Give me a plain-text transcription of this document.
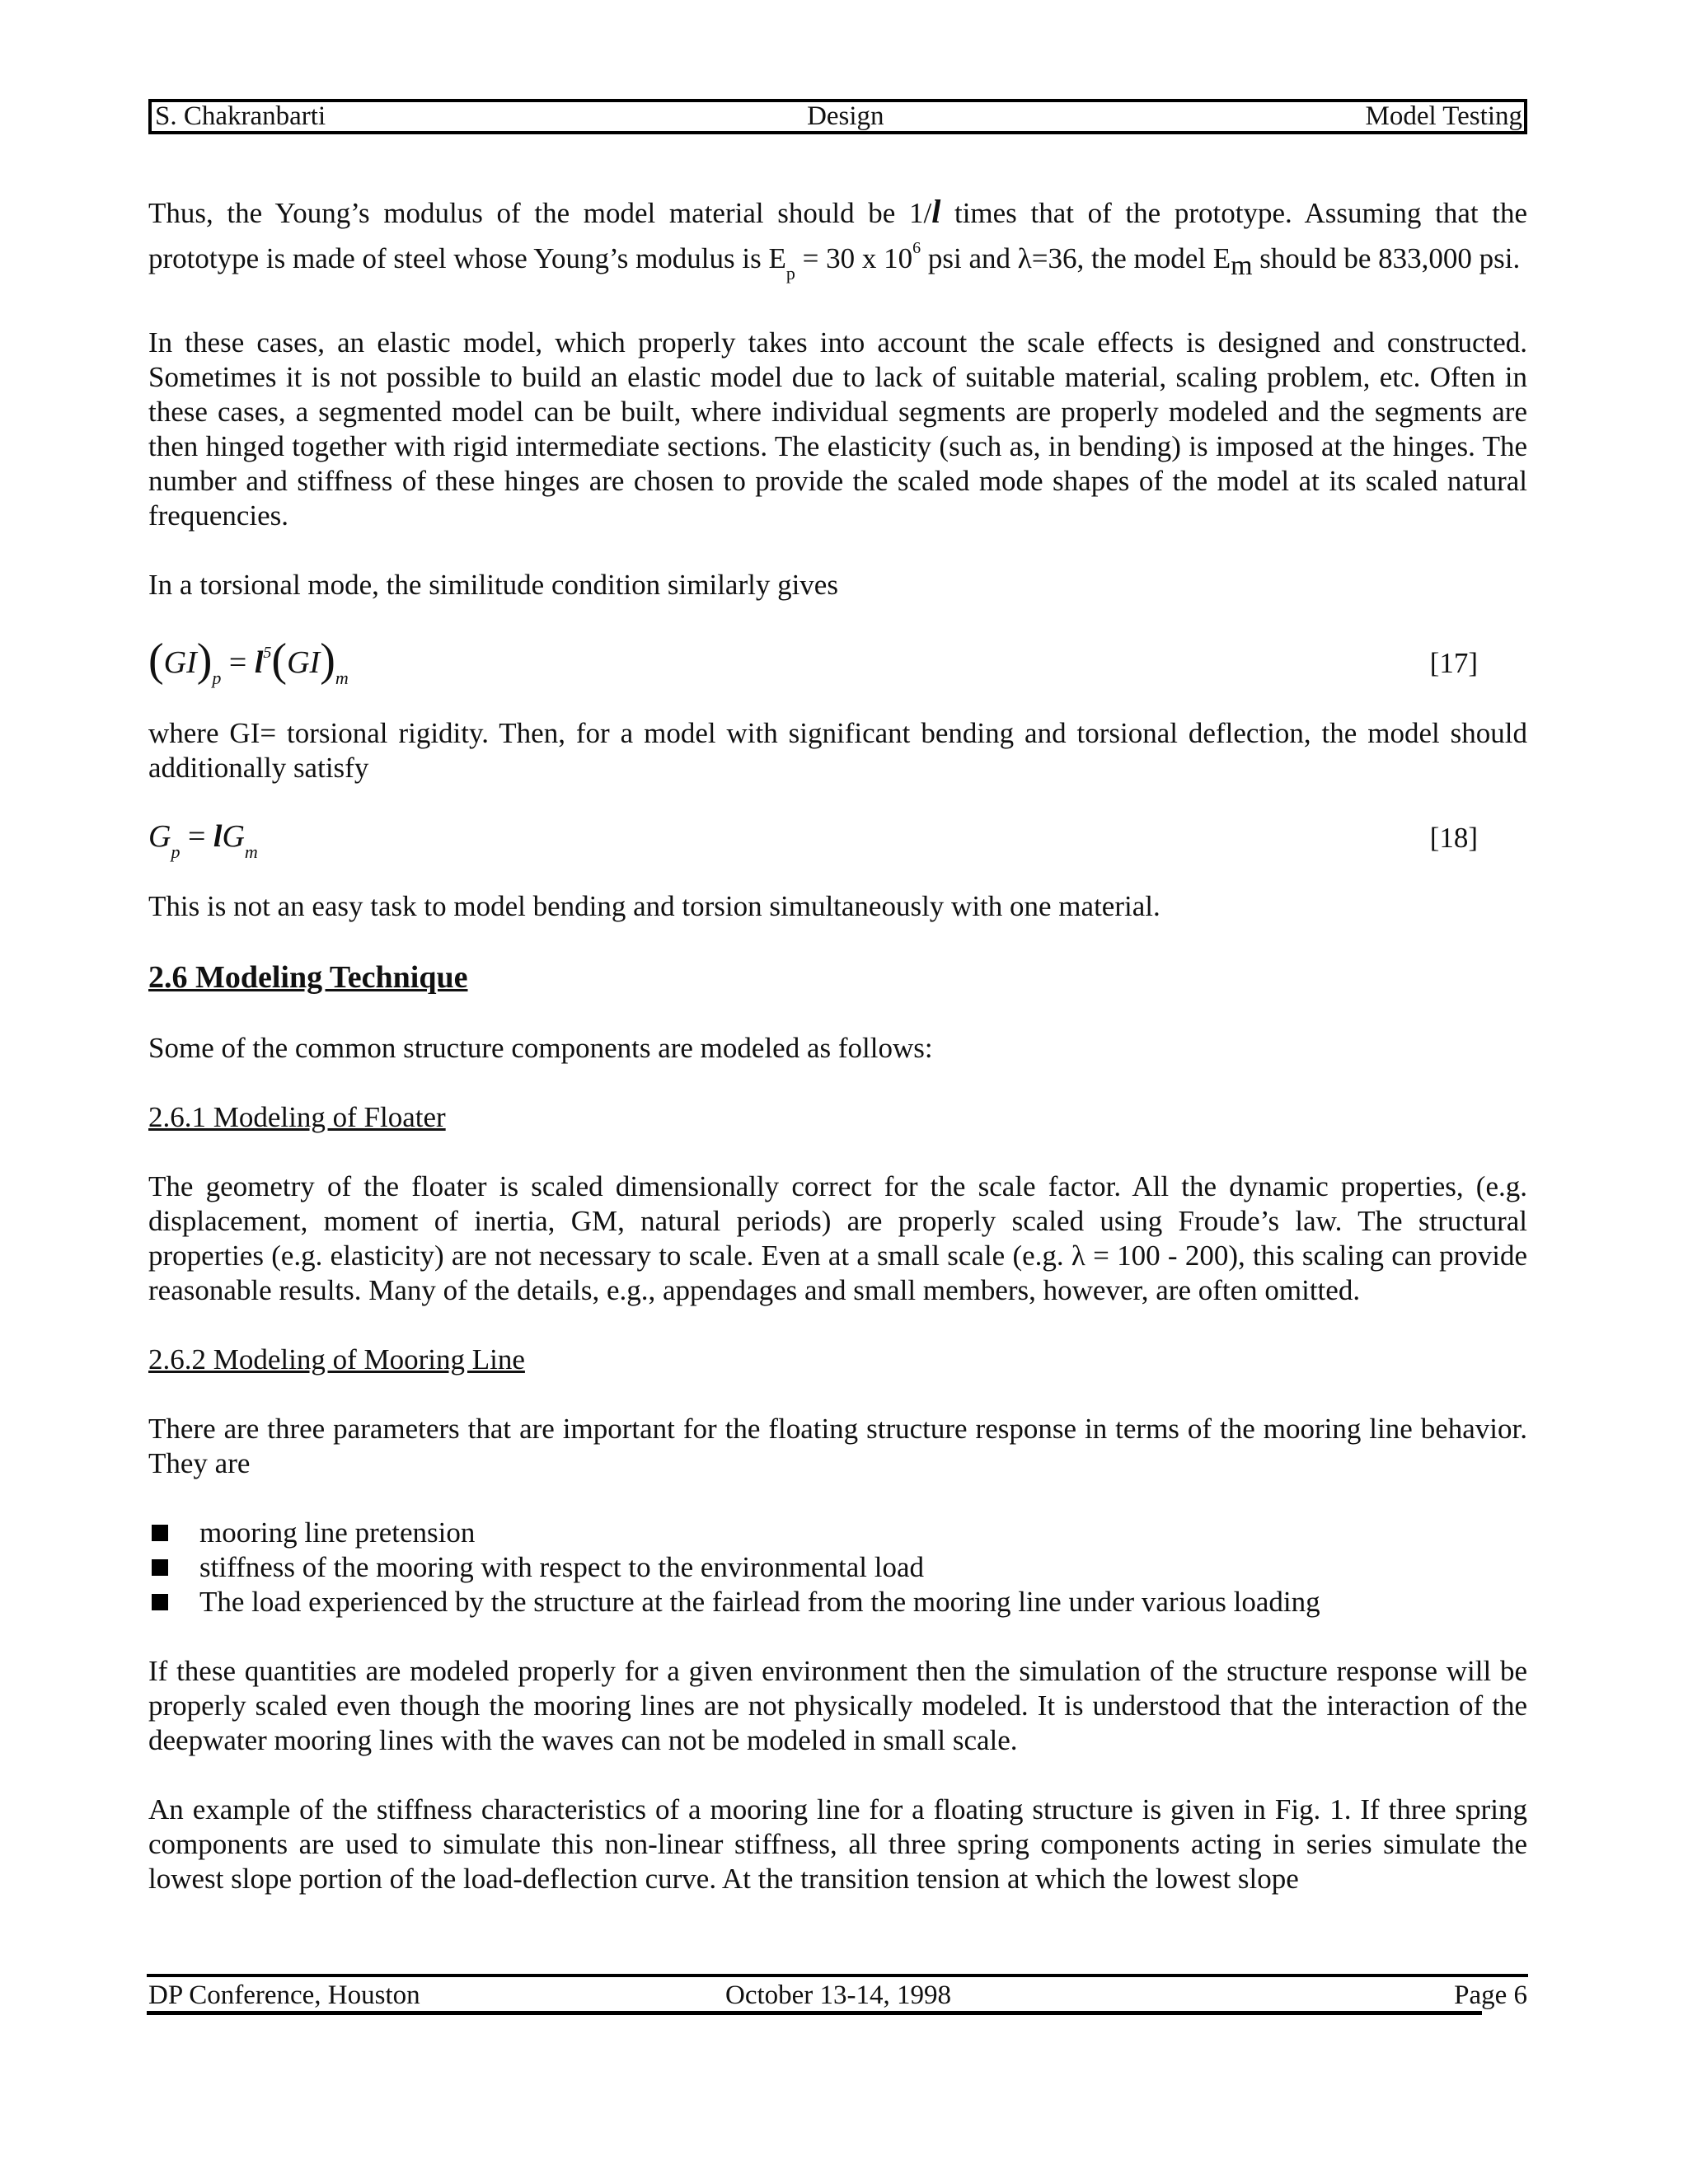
S. Chakranbarti	Design	Model Testing

Thus, the Young’s modulus of the model material should be 1/l times that of the prototype. Assuming that the prototype is made of steel whose Young’s modulus is $E_p = 30$ x $10^6$ psi and λ=36, the model Em should be 833,000 psi.

In these cases, an elastic model, which properly takes into account the scale effects is designed and constructed. Sometimes it is not possible to build an elastic model due to lack of suitable material, scaling problem, etc. Often in these cases, a segmented model can be built, where individual segments are properly modeled and the segments are then hinged together with rigid intermediate sections. The elasticity (such as, in bending) is imposed at the hinges. The number and stiffness of these hinges are chosen to provide the scaled mode shapes of the model at its scaled natural frequencies.

In a torsional mode, the similitude condition similarly gives

$(GI)_p = l^5(GI)_m$	[17]

where GI= torsional rigidity. Then, for a model with significant bending and torsional deflection, the model should additionally satisfy

$G_p = lG_m$	[18]

This is not an easy task to model bending and torsion simultaneously with one material.

2.6 Modeling Technique

Some of the common structure components are modeled as follows:

2.6.1 Modeling of Floater

The geometry of the floater is scaled dimensionally correct for the scale factor. All the dynamic properties, (e.g. displacement, moment of inertia, GM, natural periods) are properly scaled using Froude’s law. The structural properties (e.g. elasticity) are not necessary to scale. Even at a small scale (e.g. λ = 100 - 200), this scaling can provide reasonable results. Many of the details, e.g., appendages and small members, however, are often omitted.

2.6.2 Modeling of Mooring Line

There are three parameters that are important for the floating structure response in terms of the mooring line behavior. They are

mooring line pretension
stiffness of the mooring with respect to the environmental load
The load experienced by the structure at the fairlead from the mooring line under various loading

If these quantities are modeled properly for a given environment then the simulation of the structure response will be properly scaled even though the mooring lines are not physically modeled. It is understood that the interaction of the deepwater mooring lines with the waves can not be modeled in small scale.

An example of the stiffness characteristics of a mooring line for a floating structure is given in Fig. 1. If three spring components are used to simulate this non-linear stiffness, all three spring components acting in series simulate the lowest slope portion of the load-deflection curve. At the transition tension at which the lowest slope

DP Conference, Houston	October 13-14, 1998	Page 6
